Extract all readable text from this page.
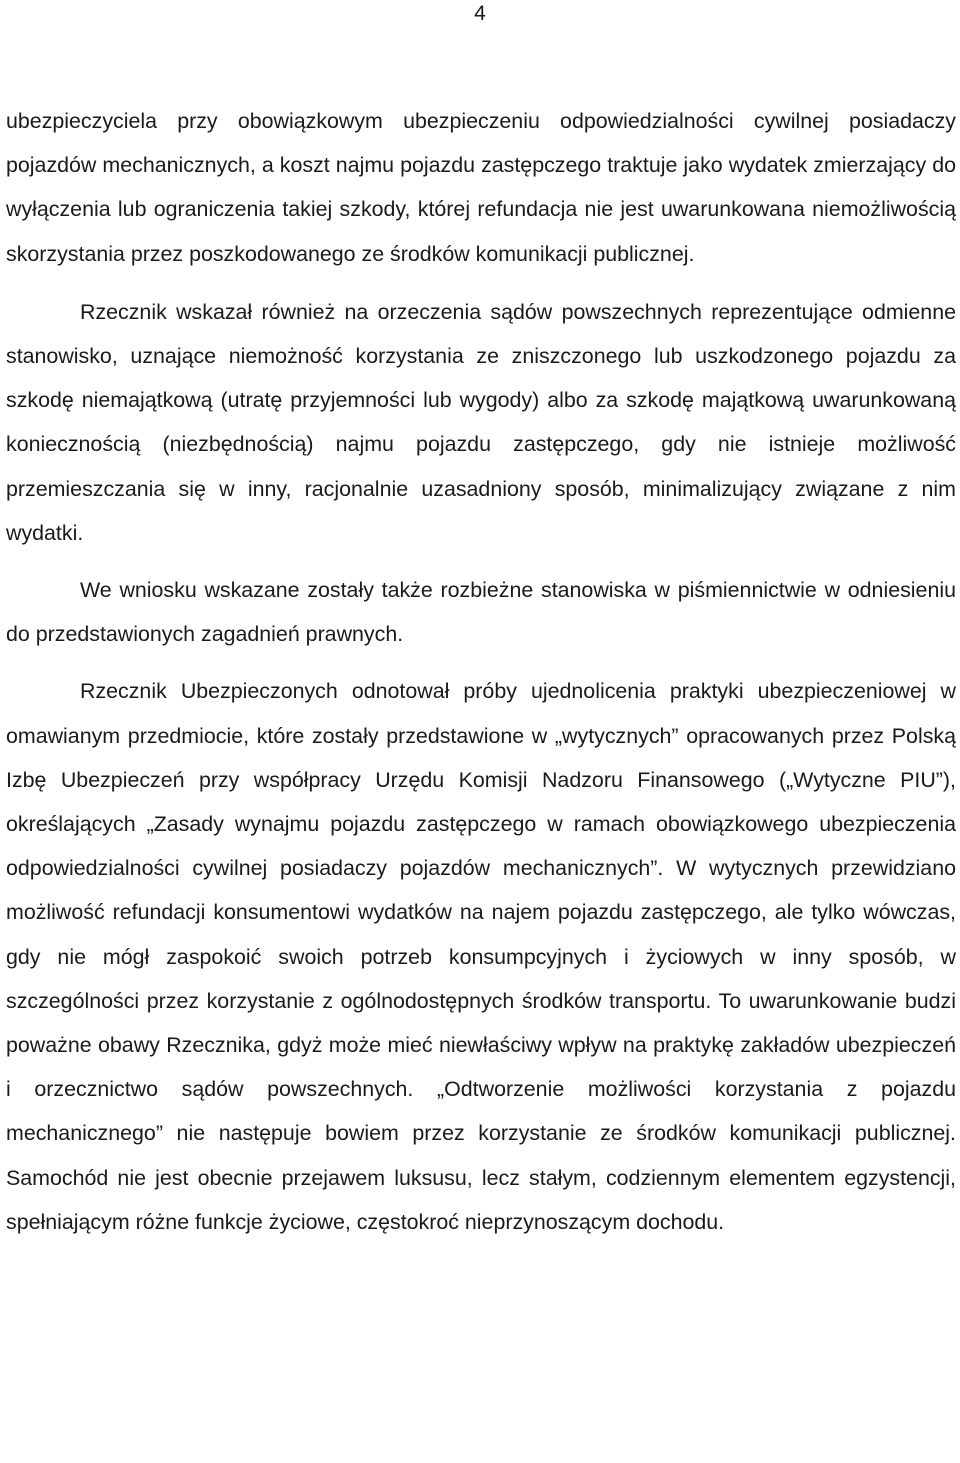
4

ubezpieczyciela przy obowiązkowym ubezpieczeniu odpowiedzialności cywilnej posiadaczy pojazdów mechanicznych, a koszt najmu pojazdu zastępczego traktuje jako wydatek zmierzający do wyłączenia lub ograniczenia takiej szkody, której refundacja nie jest uwarunkowana niemożliwością skorzystania przez poszkodowanego ze środków komunikacji publicznej.

Rzecznik wskazał również na orzeczenia sądów powszechnych reprezentujące odmienne stanowisko, uznające niemożność korzystania ze zniszczonego lub uszkodzonego pojazdu za szkodę niemajątkową (utratę przyjemności lub wygody) albo za szkodę majątkową uwarunkowaną koniecznością (niezbędnością) najmu pojazdu zastępczego, gdy nie istnieje możliwość przemieszczania się w inny, racjonalnie uzasadniony sposób, minimalizujący związane z nim wydatki.

We wniosku wskazane zostały także rozbieżne stanowiska w piśmiennictwie w odniesieniu do przedstawionych zagadnień prawnych.

Rzecznik Ubezpieczonych odnotował próby ujednolicenia praktyki ubezpieczeniowej w omawianym przedmiocie, które zostały przedstawione w „wytycznych” opracowanych przez Polską Izbę Ubezpieczeń przy współpracy Urzędu Komisji Nadzoru Finansowego („Wytyczne PIU”), określających „Zasady wynajmu pojazdu zastępczego w ramach obowiązkowego ubezpieczenia odpowiedzialności cywilnej posiadaczy pojazdów mechanicznych”. W wytycznych przewidziano możliwość refundacji konsumentowi wydatków na najem pojazdu zastępczego, ale tylko wówczas, gdy nie mógł zaspokoić swoich potrzeb konsumpcyjnych i życiowych w inny sposób, w szczególności przez korzystanie z ogólnodostępnych środków transportu. To uwarunkowanie budzi poważne obawy Rzecznika, gdyż może mieć niewłaściwy wpływ na praktykę zakładów ubezpieczeń i orzecznictwo sądów powszechnych. „Odtworzenie możliwości korzystania z pojazdu mechanicznego” nie następuje bowiem przez korzystanie ze środków komunikacji publicznej. Samochód nie jest obecnie przejawem luksusu, lecz stałym, codziennym elementem egzystencji, spełniającym różne funkcje życiowe, częstokroć nieprzynoszącym dochodu.
